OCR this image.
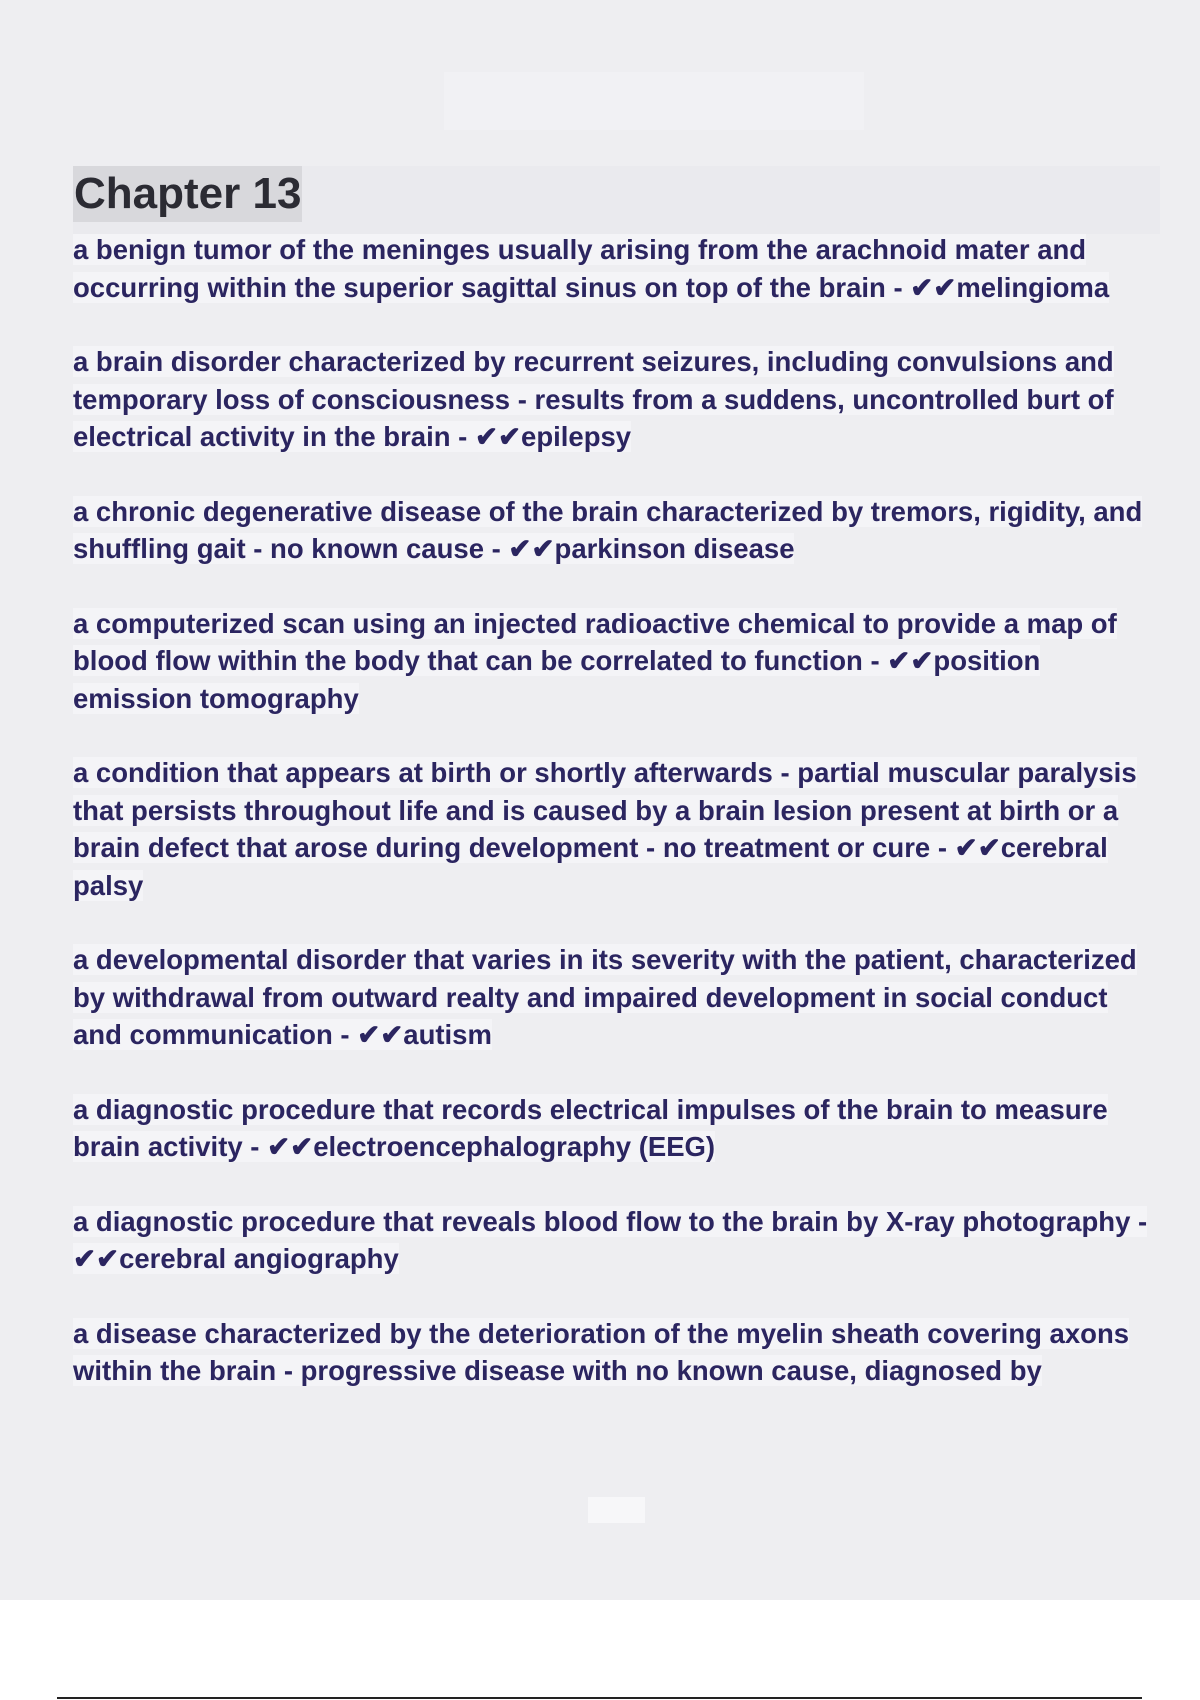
Chapter 13

a benign tumor of the meninges usually arising from the arachnoid mater and occurring within the superior sagittal sinus on top of the brain - ✔✔melingioma

a brain disorder characterized by recurrent seizures, including convulsions and temporary loss of consciousness - results from a suddens, uncontrolled burt of electrical activity in the brain - ✔✔epilepsy

a chronic degenerative disease of the brain characterized by tremors, rigidity, and shuffling gait - no known cause - ✔✔parkinson disease

a computerized scan using an injected radioactive chemical to provide a map of blood flow within the body that can be correlated to function - ✔✔position emission tomography

a condition that appears at birth or shortly afterwards - partial muscular paralysis that persists throughout life and is caused by a brain lesion present at birth or a brain defect that arose during development - no treatment or cure - ✔✔cerebral palsy

a developmental disorder that varies in its severity with the patient, characterized by withdrawal from outward realty and impaired development in social conduct and communication - ✔✔autism

a diagnostic procedure that records electrical impulses of the brain to measure brain activity - ✔✔electroencephalography (EEG)

a diagnostic procedure that reveals blood flow to the brain by X-ray photography - ✔✔cerebral angiography

a disease characterized by the deterioration of the myelin sheath covering axons within the brain - progressive disease with no known cause, diagnosed by
